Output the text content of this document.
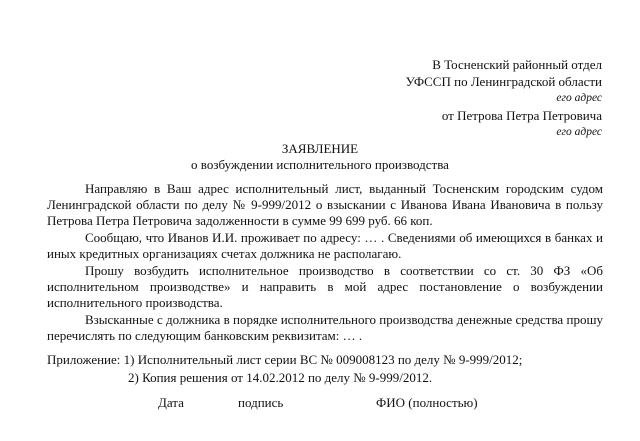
В Тосненский районный отдел
УФССП по Ленинградской области
его адрес
от Петрова Петра Петровича
его адрес
ЗАЯВЛЕНИЕ
о возбуждении исполнительного производства

Направляю в Ваш адрес исполнительный лист, выданный Тосненским городским судом Ленинградской области по делу № 9-999/2012 о взыскании с Иванова Ивана Ивановича в пользу Петрова Петра Петровича задолженности в сумме 99 699 руб. 66 коп.

Сообщаю, что Иванов И.И. проживает по адресу: … . Сведениями об имеющихся в банках и иных кредитных организациях счетах должника не располагаю.

Прошу возбудить исполнительное производство в соответствии со ст. 30 ФЗ «Об исполнительном производстве» и направить в мой адрес постановление о возбуждении исполнительного производства.

Взысканные с должника в порядке исполнительного производства денежные средства прошу перечислять по следующим банковским реквизитам: … .

Приложение: 1) Исполнительный лист серии ВС № 009008123 по делу № 9-999/2012;
2) Копия решения от 14.02.2012 по делу № 9-999/2012.
Дата	подпись	ФИО (полностью)
